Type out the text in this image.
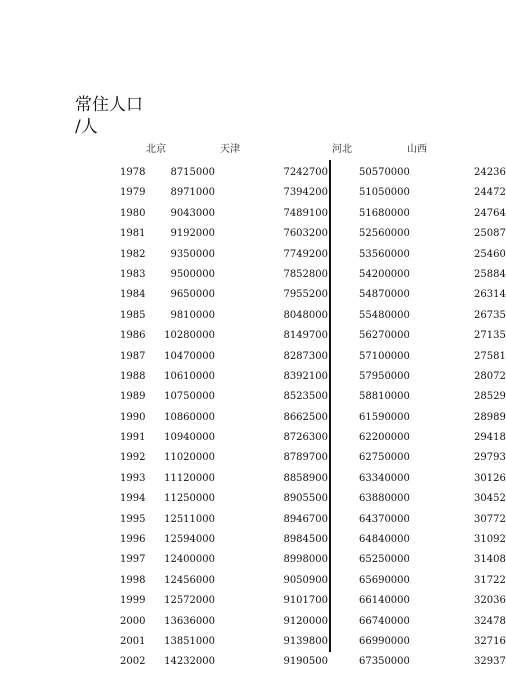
常住人口
/人
北京	天津	河北	山西
1978	8715000	7242700	50570000	24236
1979	8971000	7394200	51050000	24472
1980	9043000	7489100	51680000	24764
1981	9192000	7603200	52560000	25087
1982	9350000	7749200	53560000	25460
1983	9500000	7852800	54200000	25884
1984	9650000	7955200	54870000	26314
1985	9810000	8048000	55480000	26735
1986 10280000	8149700	56270000	27135
1987 10470000	8287300	57100000	27581
1988 10610000	8392100	57950000	28072
1989 10750000	8523500	58810000	28529
1990 10860000	8662500	61590000	28989
1991 10940000	8726300	62200000	29418
1992 11020000	8789700	62750000	29793
1993 11120000	8858900	63340000	30126
1994 11250000	8905500	63880000	30452
1995 12511000	8946700	64370000	30772
1996 12594000	8984500	64840000	31092
1997 12400000	8998000	65250000	31408
1998 12456000	9050900	65690000	31722
1999 12572000	9101700	66140000	32036
2000 13636000	9120000	66740000	32478
2001 13851000	9139800	66990000	32716
2002 14232000	9190500	67350000	32937
